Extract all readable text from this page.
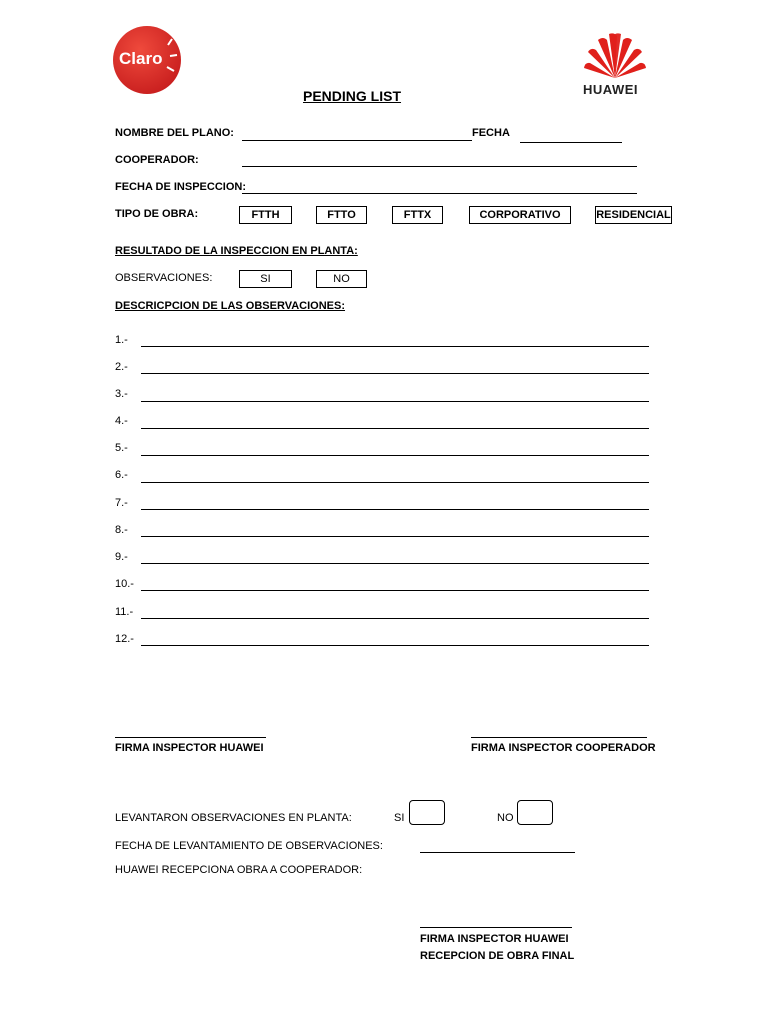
Claro
HUAWEI
PENDING LIST
NOMBRE DEL PLANO:	FECHA
COOPERADOR:
FECHA DE INSPECCION:
TIPO DE OBRA:	FTTH	FTTO	FTTX	CORPORATIVO	RESIDENCIAL
RESULTADO DE LA INSPECCION EN PLANTA:
OBSERVACIONES:	SI	NO
DESCRICPCION DE LAS OBSERVACIONES:
1.-
2.-
3.-
4.-
5.-
6.-
7.-
8.-
9.-
10.-
11.-
12.-
FIRMA INSPECTOR HUAWEI	FIRMA INSPECTOR COOPERADOR
LEVANTARON OBSERVACIONES EN PLANTA:	SI	NO
FECHA DE LEVANTAMIENTO DE OBSERVACIONES:
HUAWEI RECEPCIONA OBRA A COOPERADOR:
FIRMA INSPECTOR HUAWEI
RECEPCION DE OBRA FINAL
